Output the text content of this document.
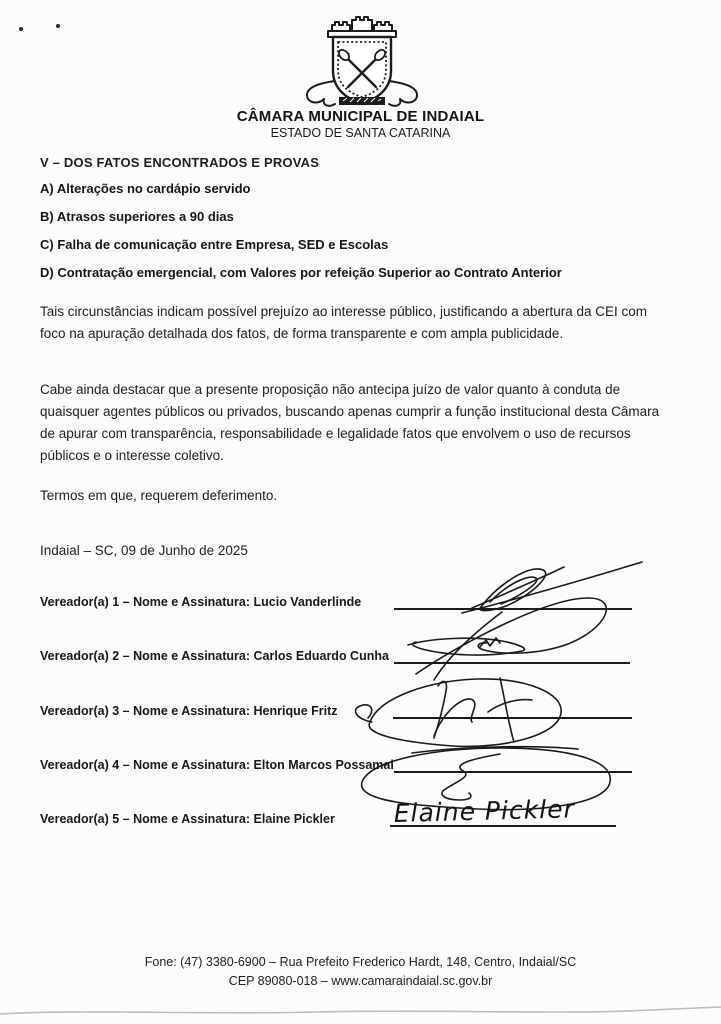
CÂMARA MUNICIPAL DE INDAIAL
ESTADO DE SANTA CATARINA
V – DOS FATOS ENCONTRADOS E PROVAS
A) Alterações no cardápio servido
B) Atrasos superiores a 90 dias
C) Falha de comunicação entre Empresa, SED e Escolas
D) Contratação emergencial, com Valores por refeição Superior ao Contrato Anterior
Tais circunstâncias indicam possível prejuízo ao interesse público, justificando a abertura da CEI com foco na apuração detalhada dos fatos, de forma transparente e com ampla publicidade.
Cabe ainda destacar que a presente proposição não antecipa juízo de valor quanto à conduta de quaisquer agentes públicos ou privados, buscando apenas cumprir a função institucional desta Câmara de apurar com transparência, responsabilidade e legalidade fatos que envolvem o uso de recursos públicos e o interesse coletivo.
Termos em que, requerem deferimento.
Indaial – SC, 09 de Junho de 2025
Vereador(a) 1 – Nome e Assinatura: Lucio Vanderlinde
Vereador(a) 2 – Nome e Assinatura: Carlos Eduardo Cunha
Vereador(a) 3 – Nome e Assinatura: Henrique Fritz
Vereador(a) 4 – Nome e Assinatura: Elton Marcos Possamai
Vereador(a) 5 – Nome e Assinatura: Elaine Pickler Elaine Pickler
Fone: (47) 3380-6900 – Rua Prefeito Frederico Hardt, 148, Centro, Indaial/SC
CEP 89080-018 – www.camaraindaial.sc.gov.br
